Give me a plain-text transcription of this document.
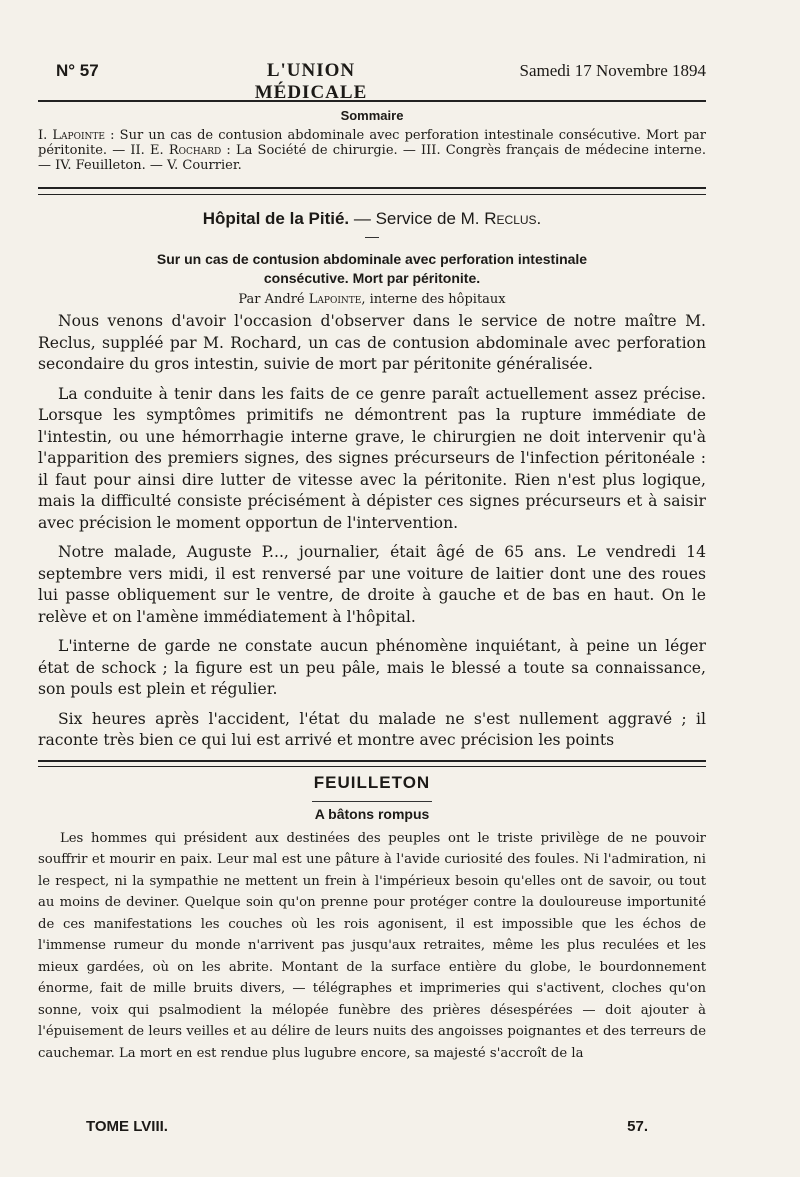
N° 57	L'UNION MÉDICALE
Samedi 17 Novembre 1894
Sommaire
I. Lapointe : Sur un cas de contusion abdominale avec perforation intestinale consécutive. Mort par péritonite. — II. E. Rochard : La Société de chirurgie. — III. Congrès français de médecine interne. — IV. Feuilleton. — V. Courrier.
Hôpital de la Pitié. — Service de M. Reclus.
Sur un cas de contusion abdominale avec perforation intestinale
consécutive. Mort par péritonite.
Par André Lapointe, interne des hôpitaux

Nous venons d'avoir l'occasion d'observer dans le service de notre maître M. Reclus, suppléé par M. Rochard, un cas de contusion abdominale avec perforation secondaire du gros intestin, suivie de mort par péritonite généralisée.

La conduite à tenir dans les faits de ce genre paraît actuellement assez précise. Lorsque les symptômes primitifs ne démontrent pas la rupture immédiate de l'intestin, ou une hémorrhagie interne grave, le chirurgien ne doit intervenir qu'à l'apparition des premiers signes, des signes précurseurs de l'infection péritonéale : il faut pour ainsi dire lutter de vitesse avec la péritonite. Rien n'est plus logique, mais la difficulté consiste précisément à dépister ces signes précurseurs et à saisir avec précision le moment opportun de l'intervention.

Notre malade, Auguste P..., journalier, était âgé de 65 ans. Le vendredi 14 septembre vers midi, il est renversé par une voiture de laitier dont une des roues lui passe obliquement sur le ventre, de droite à gauche et de bas en haut. On le relève et on l'amène immédiatement à l'hôpital.

L'interne de garde ne constate aucun phénomène inquiétant, à peine un léger état de schock ; la figure est un peu pâle, mais le blessé a toute sa connaissance, son pouls est plein et régulier.

Six heures après l'accident, l'état du malade ne s'est nullement aggravé ; il raconte très bien ce qui lui est arrivé et montre avec précision les points

FEUILLETON
A bâtons rompus

Les hommes qui président aux destinées des peuples ont le triste privilège de ne pouvoir souffrir et mourir en paix. Leur mal est une pâture à l'avide curiosité des foules. Ni l'admiration, ni le respect, ni la sympathie ne mettent un frein à l'impérieux besoin qu'elles ont de savoir, ou tout au moins de deviner. Quelque soin qu'on prenne pour protéger contre la douloureuse importunité de ces manifestations les couches où les rois agonisent, il est impossible que les échos de l'immense rumeur du monde n'arrivent pas jusqu'aux retraites, même les plus reculées et les mieux gardées, où on les abrite. Montant de la surface entière du globe, le bourdonnement énorme, fait de mille bruits divers, — télégraphes et imprimeries qui s'activent, cloches qu'on sonne, voix qui psalmodient la mélopée funèbre des prières désespérées — doit ajouter à l'épuisement de leurs veilles et au délire de leurs nuits des angoisses poignantes et des terreurs de cauchemar. La mort en est rendue plus lugubre encore, sa majesté s'accroît de la

TOME LVIII.	57.
